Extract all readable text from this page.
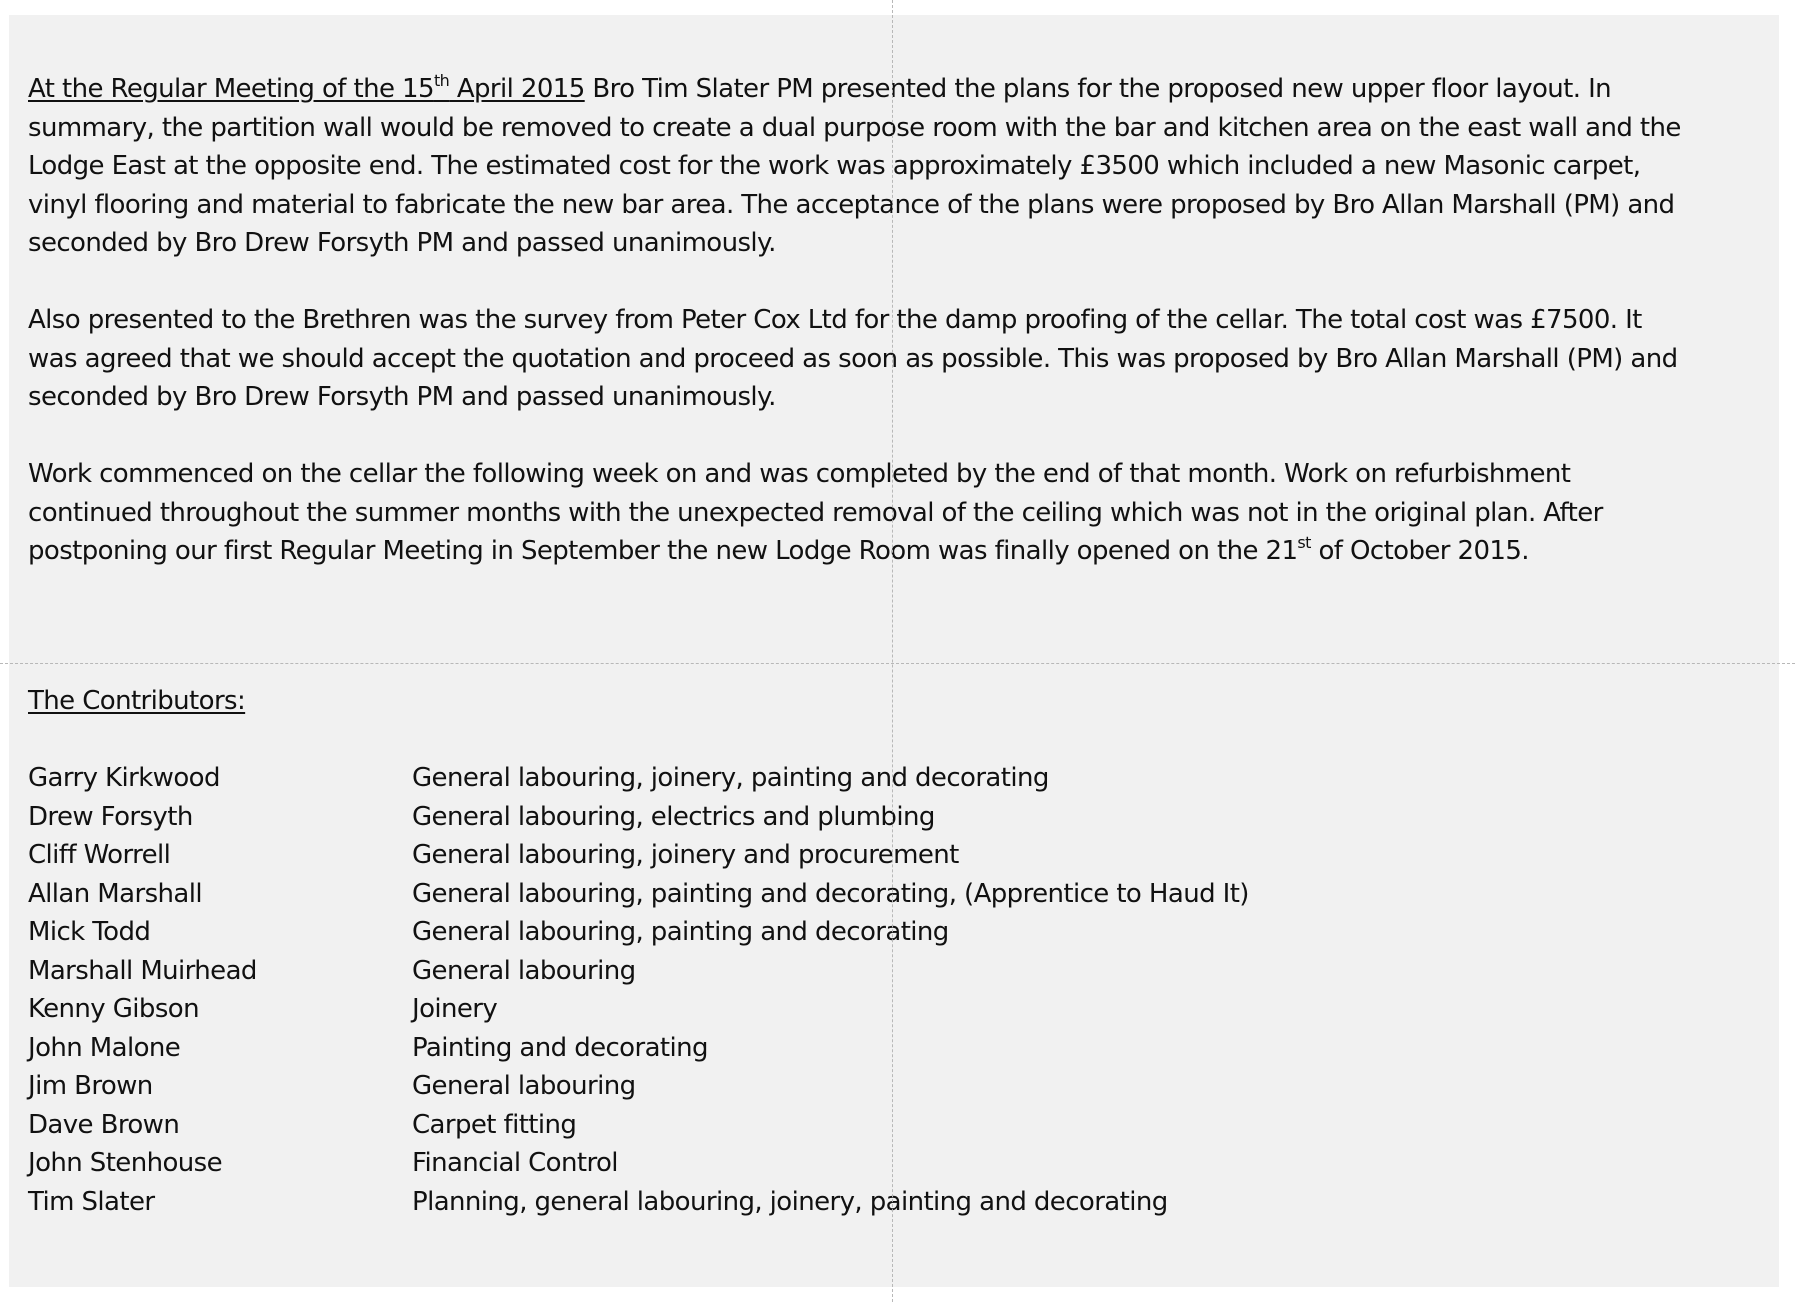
At the Regular Meeting of the 15th April 2015 Bro Tim Slater PM presented the plans for the proposed new upper floor layout. In
summary, the partition wall would be removed to create a dual purpose room with the bar and kitchen area on the east wall and the
Lodge East at the opposite end. The estimated cost for the work was approximately £3500 which included a new Masonic carpet,
vinyl flooring and material to fabricate the new bar area. The acceptance of the plans were proposed by Bro Allan Marshall (PM) and
seconded by Bro Drew Forsyth PM and passed unanimously.

Also presented to the Brethren was the survey from Peter Cox Ltd for the damp proofing of the cellar. The total cost was £7500. It
was agreed that we should accept the quotation and proceed as soon as possible. This was proposed by Bro Allan Marshall (PM) and
seconded by Bro Drew Forsyth PM and passed unanimously.

Work commenced on the cellar the following week on and was completed by the end of that month. Work on refurbishment
continued throughout the summer months with the unexpected removal of the ceiling which was not in the original plan. After
postponing our first Regular Meeting in September the new Lodge Room was finally opened on the 21st of October 2015.

The Contributors:
Garry Kirkwood	General labouring, joinery, painting and decorating
Drew Forsyth	General labouring, electrics and plumbing
Cliff Worrell	General labouring, joinery and procurement
Allan Marshall	General labouring, painting and decorating, (Apprentice to Haud It)
Mick Todd	General labouring, painting and decorating
Marshall Muirhead	General labouring
Kenny Gibson	Joinery
John Malone	Painting and decorating
Jim Brown	General labouring
Dave Brown	Carpet fitting
John Stenhouse	Financial Control
Tim Slater	Planning, general labouring, joinery, painting and decorating
